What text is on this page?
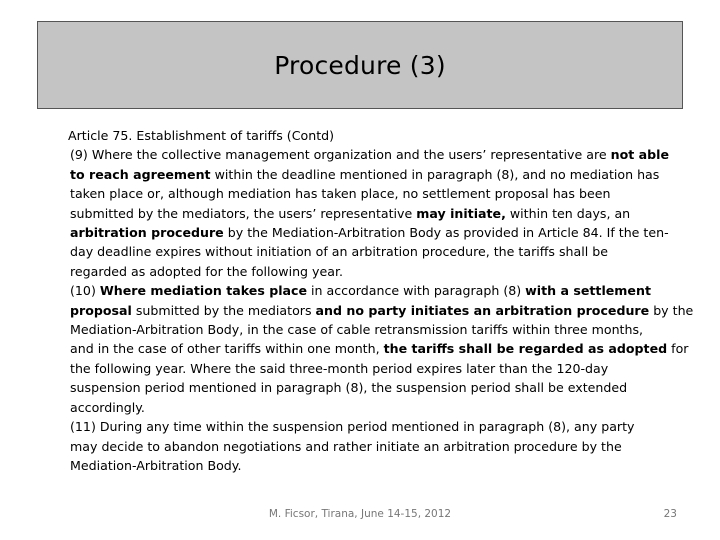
Procedure (3)

Article 75. Establishment of tariffs (Contd)

(9) Where the collective management organization and the users’ representative are not able
to reach agreement within the deadline mentioned in paragraph (8), and no mediation has
taken place or, although mediation has taken place, no settlement proposal has been
submitted by the mediators, the users’ representative may initiate, within ten days, an
arbitration procedure by the Mediation-Arbitration Body as provided in Article 84. If the ten-
day deadline expires without initiation of an arbitration procedure, the tariffs shall be
regarded as adopted for the following year.
(10) Where mediation takes place in accordance with paragraph (8) with a settlement
proposal submitted by the mediators and no party initiates an arbitration procedure by the
Mediation-Arbitration Body, in the case of cable retransmission tariffs within three months,
and in the case of other tariffs within one month, the tariffs shall be regarded as adopted for
the following year. Where the said three-month period expires later than the 120-day
suspension period mentioned in paragraph (8), the suspension period shall be extended
accordingly.
(11) During any time within the suspension period mentioned in paragraph (8), any party
may decide to abandon negotiations and rather initiate an arbitration procedure by the
Mediation-Arbitration Body.
M. Ficsor, Tirana, June 14-15, 2012	23
